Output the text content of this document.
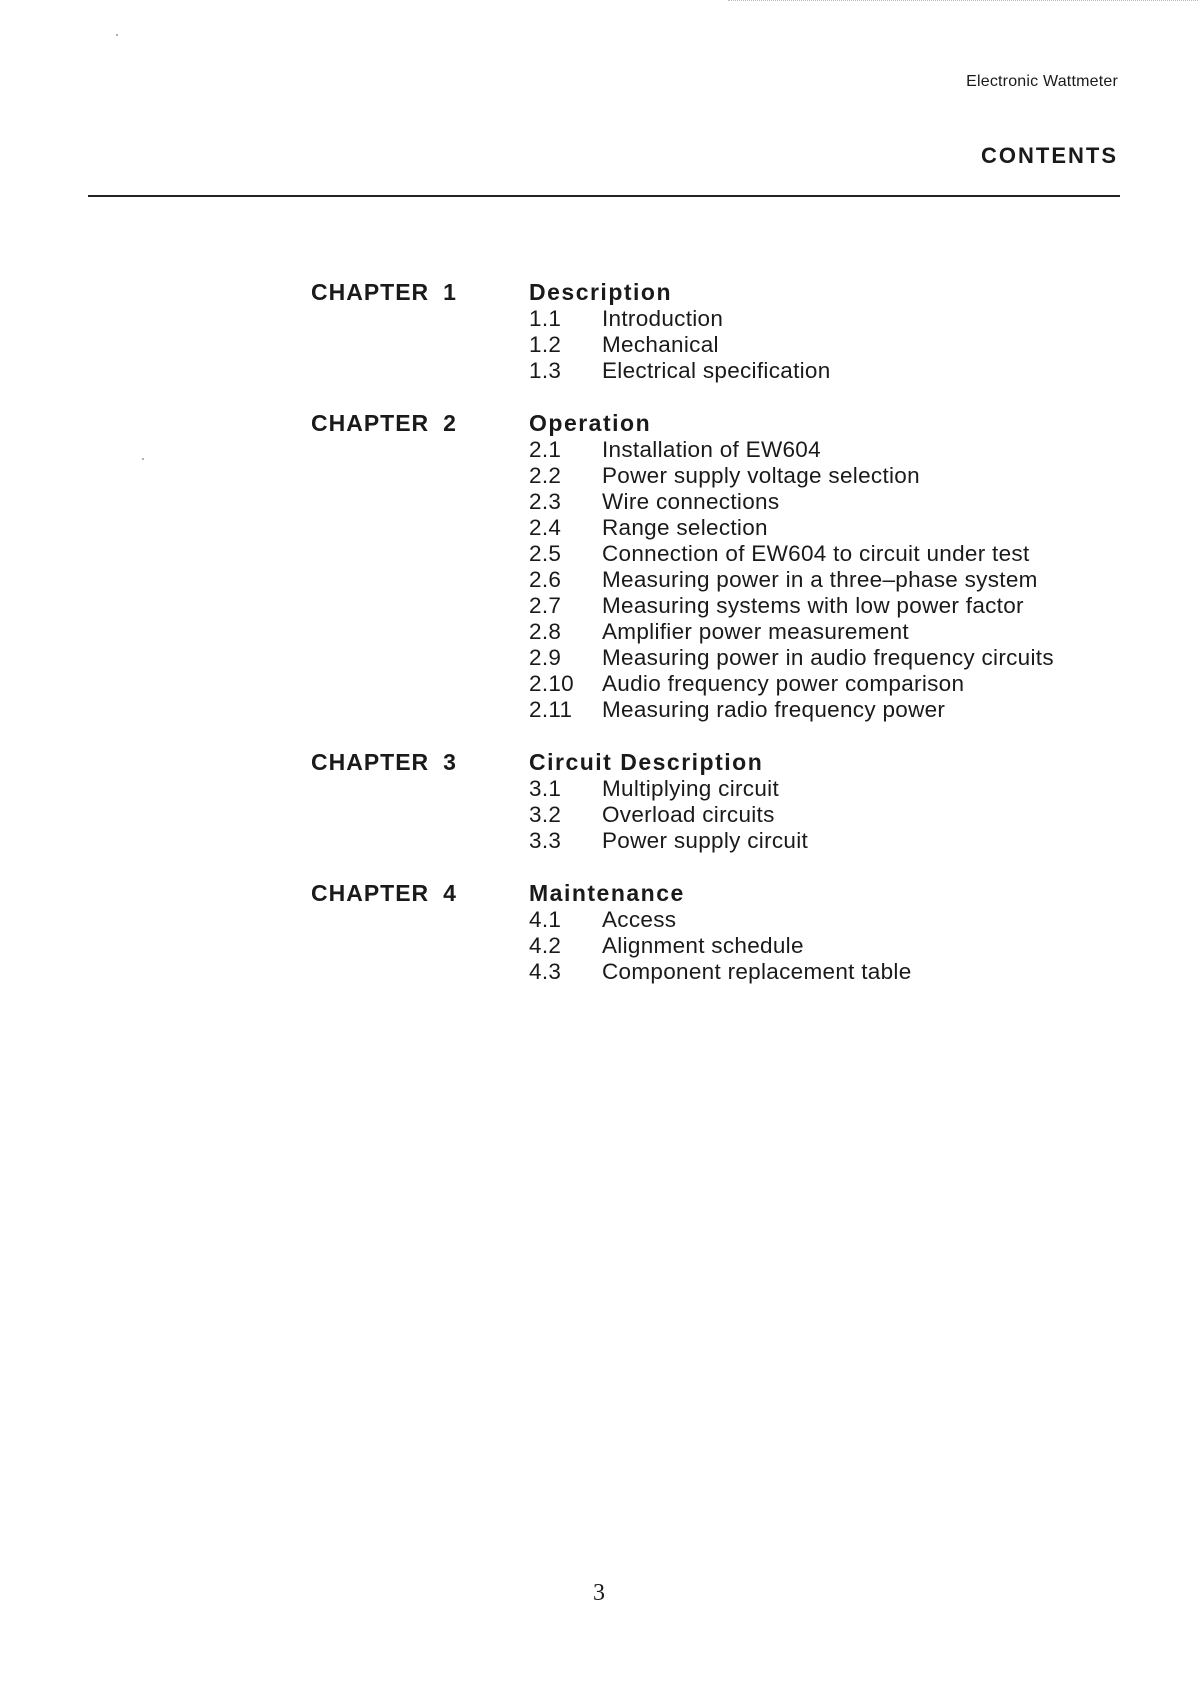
Electronic Wattmeter
CONTENTS
CHAPTER 1	Description
1.1	Introduction
1.2	Mechanical
1.3	Electrical specification
CHAPTER 2	Operation
2.1	Installation of EW604
2.2	Power supply voltage selection
2.3	Wire connections
2.4	Range selection
2.5	Connection of EW604 to circuit under test
2.6	Measuring power in a three–phase system
2.7	Measuring systems with low power factor
2.8	Amplifier power measurement
2.9	Measuring power in audio frequency circuits
2.10	Audio frequency power comparison
2.11	Measuring radio frequency power
CHAPTER 3	Circuit Description
3.1	Multiplying circuit
3.2	Overload circuits
3.3	Power supply circuit
CHAPTER 4	Maintenance
4.1	Access
4.2	Alignment schedule
4.3	Component replacement table
3
